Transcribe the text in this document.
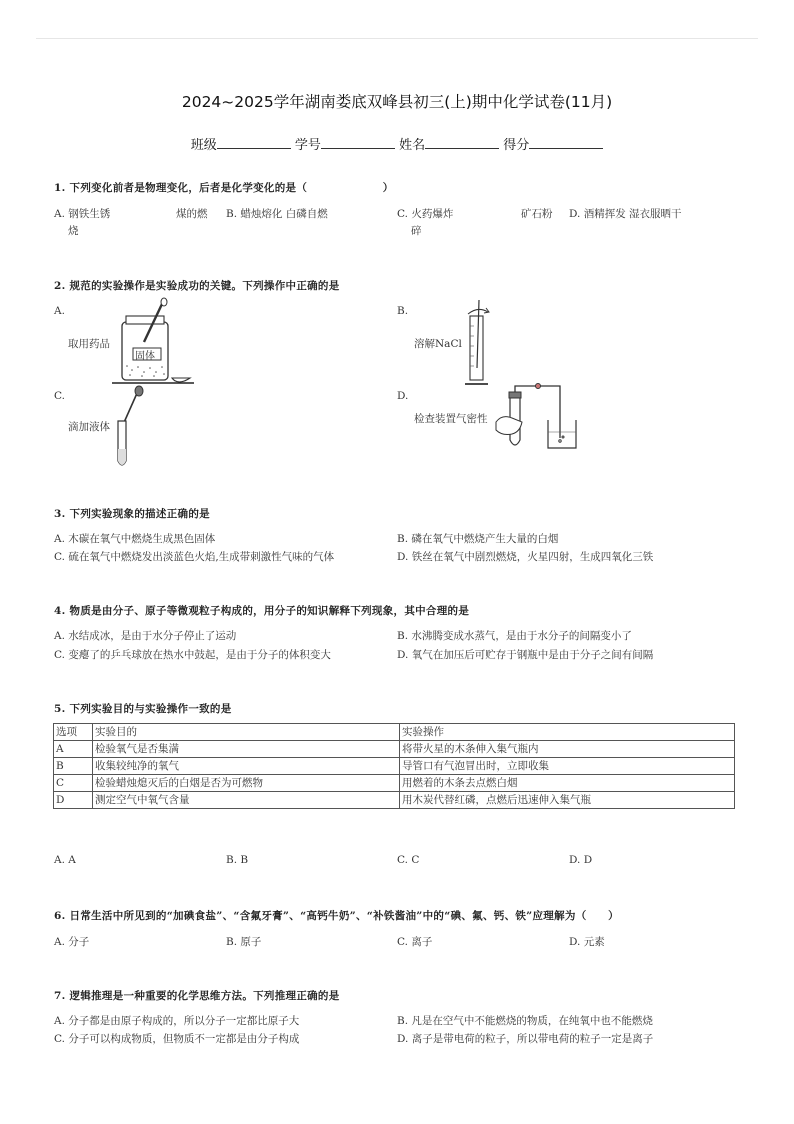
2024~2025学年湖南娄底双峰县初三(上)期中化学试卷(11月)
班级	学号	姓名	得分
1. 下列变化前者是物理变化，后者是化学变化的是（　　　　　　　）
A. 钢铁生锈
烧
煤的燃 B. 蜡烛熔化 白磷自燃	C. 火药爆炸
碎
矿石粉 D. 酒精挥发 湿衣服晒干
2. 规范的实验操作是实验成功的关键。下列操作中正确的是
A.
取用药品
固体
B.
溶解NaCl
C.
滴加液体
D.
检查装置气密性
3. 下列实验现象的描述正确的是
A. 木碳在氧气中燃烧生成黑色固体	B. 磷在氧气中燃烧产生大量的白烟
C. 硫在氧气中燃烧发出淡蓝色火焰,生成带刺激性气味的气体	D. 铁丝在氧气中剧烈燃烧，火星四射，生成四氧化三铁
4. 物质是由分子、原子等微观粒子构成的，用分子的知识解释下列现象，其中合理的是
A. 水结成冰，是由于水分子停止了运动	B. 水沸腾变成水蒸气，是由于水分子的间隔变小了
C. 变瘪了的乒乓球放在热水中鼓起，是由于分子的体积变大	D. 氧气在加压后可贮存于钢瓶中是由于分子之间有间隔
5. 下列实验目的与实验操作一致的是
选项	实验目的	实验操作
A	检验氧气是否集满	将带火星的木条伸入集气瓶内
B	收集较纯净的氧气	导管口有气泡冒出时，立即收集
C	检验蜡烛熄灭后的白烟是否为可燃物	用燃着的木条去点燃白烟
D	测定空气中氧气含量	用木炭代替红磷，点燃后迅速伸入集气瓶
A. A	B. B	C. C	D. D
6. 日常生活中所见到的“加碘食盐”、“含氟牙膏”、“高钙牛奶”、“补铁酱油”中的“碘、氟、钙、铁”应理解为（　　）
A. 分子	B. 原子	C. 离子	D. 元素
7. 逻辑推理是一种重要的化学思维方法。下列推理正确的是
A. 分子都是由原子构成的，所以分子一定都比原子大	B. 凡是在空气中不能燃烧的物质，在纯氧中也不能燃烧
C. 分子可以构成物质，但物质不一定都是由分子构成	D. 离子是带电荷的粒子，所以带电荷的粒子一定是离子
